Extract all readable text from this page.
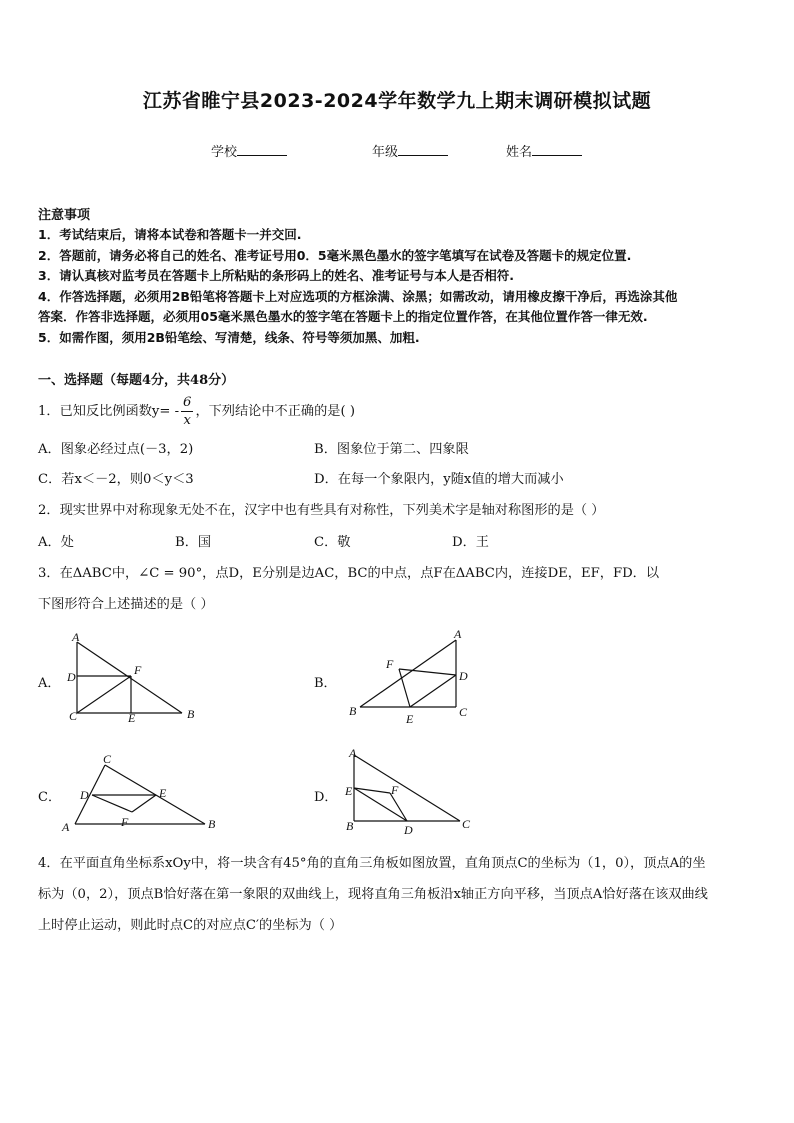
江苏省睢宁县2023-2024学年数学九上期末调研模拟试题
学校	年级	姓名
注意事项
1．考试结束后，请将本试卷和答题卡一并交回.
2．答题前，请务必将自己的姓名、准考证号用0．5毫米黑色墨水的签字笔填写在试卷及答题卡的规定位置.
3．请认真核对监考员在答题卡上所粘贴的条形码上的姓名、准考证号与本人是否相符.
4．作答选择题，必须用2B铅笔将答题卡上对应选项的方框涂满、涂黑；如需改动，请用橡皮擦干净后，再选涂其他
答案．作答非选择题，必须用05毫米黑色墨水的签字笔在答题卡上的指定位置作答，在其他位置作答一律无效.
5．如需作图，须用2B铅笔绘、写清楚，线条、符号等须加黑、加粗.
一、选择题（每题4分，共48分）
1．已知反比例函数$y= - \frac{6}{x}$ ，下列结论中不正确的是( )
A．图象必经过点(－3，2)	B．图象位于第二、四象限
C．若x＜－2，则0＜y＜3	D．在每一个象限内，y随x值的增大而减小
2．现实世界中对称现象无处不在，汉字中也有些具有对称性，下列美术字是轴对称图形的是（ ）
A．处	B．国	C．敬	D．王
3．在ΔABC中，∠C = 90°，点D，E分别是边AC，BC的中点，点F在ΔABC内，连接DE，EF，FD．以
下图形符合上述描述的是（ ）
A．
A
D	F
C	E	B
B．
A
F
D
B
E	C
C．
C
D	E
A	F	B
D．
A
E	F
B	D	C
4．在平面直角坐标系xOy中，将一块含有45°角的直角三角板如图放置，直角顶点C的坐标为（1，0），顶点A的坐
标为（0，2），顶点B恰好落在第一象限的双曲线上，现将直角三角板沿x轴正方向平移，当顶点A恰好落在该双曲线
上时停止运动，则此时点C的对应点C′的坐标为（ ）
